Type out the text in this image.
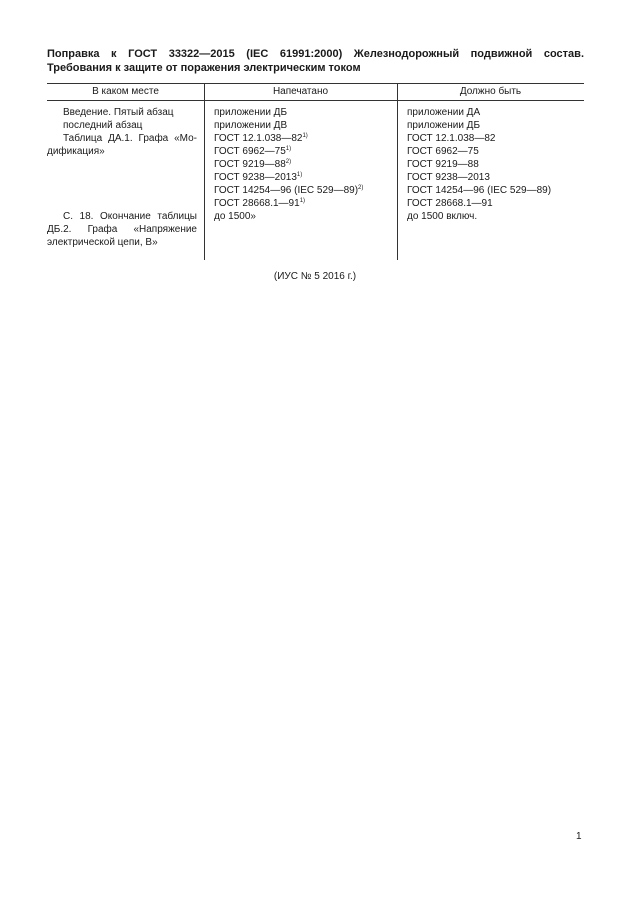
Поправка к ГОСТ 33322—2015 (IEC 61991:2000) Железнодорожный подвижной состав. Требования к защите от поражения электрическим током
В каком месте	Напечатано	Должно быть
Введение. Пятый абзац
последний абзац
Таблица ДА.1. Графа «Мо-
дификация»
С. 18. Окончание таблицы
ДБ.2. Графа «Напряжение
электрической цепи, В»
приложении ДБ
приложении ДВ
ГОСТ 12.1.038—82$^{1)}$
ГОСТ 6962—75$^{1)}$
ГОСТ 9219—88$^{2)}$
ГОСТ 9238—2013$^{1)}$
ГОСТ 14254—96 (IEC 529—89)$^{2)}$
ГОСТ 28668.1—91$^{1)}$
до 1500»
приложении ДА
приложении ДБ
ГОСТ 12.1.038—82
ГОСТ 6962—75
ГОСТ 9219—88
ГОСТ 9238—2013
ГОСТ 14254—96 (IEC 529—89)
ГОСТ 28668.1—91
до 1500 включ.
(ИУС № 5 2016 г.)
1
